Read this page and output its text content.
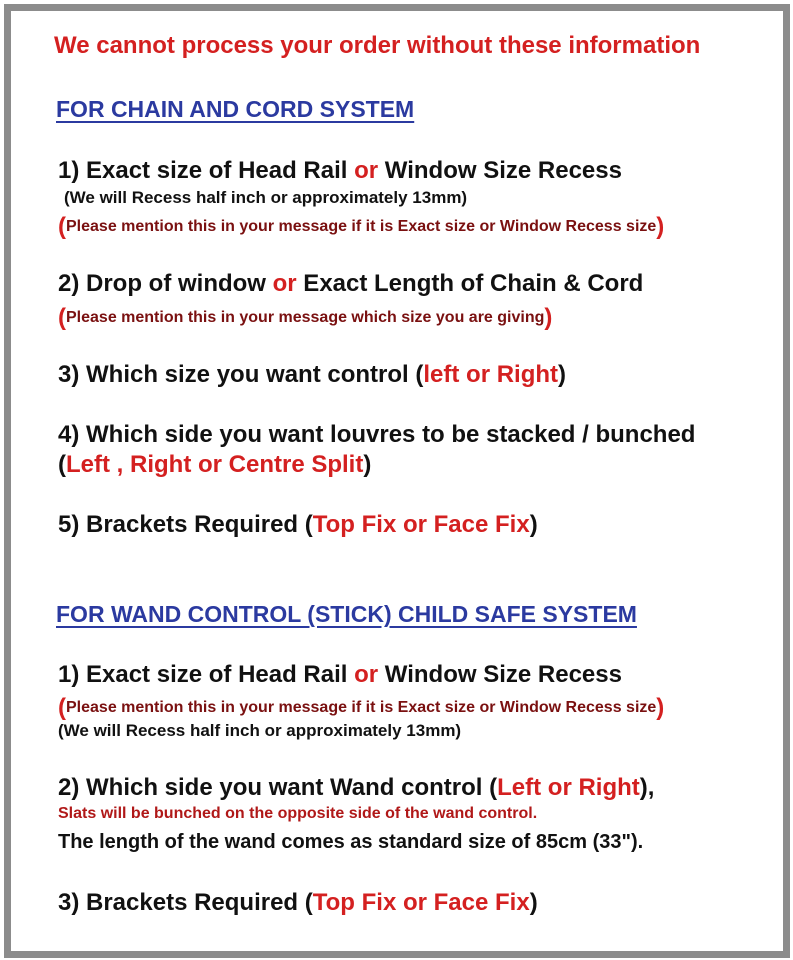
We cannot process your order without these information
FOR CHAIN AND CORD SYSTEM
1) Exact size of Head Rail or Window Size Recess
(We will Recess half inch or approximately 13mm)
(Please mention this in your message if it is Exact size or Window Recess size)
2) Drop of window or Exact Length of Chain & Cord
(Please mention this in your message which size you are giving)
3) Which size you want control (left or Right)
4) Which side you want louvres to be stacked / bunched
(Left , Right or Centre Split)
5) Brackets Required (Top Fix or Face Fix)
FOR WAND CONTROL (STICK) CHILD SAFE SYSTEM
1) Exact size of Head Rail or Window Size Recess
(Please mention this in your message if it is Exact size or Window Recess size)
(We will Recess half inch or approximately 13mm)
2) Which side you want Wand control (Left or Right),
Slats will be bunched on the opposite side of the wand control.
The length of the wand comes as standard size of 85cm (33").
3) Brackets Required (Top Fix or Face Fix)
